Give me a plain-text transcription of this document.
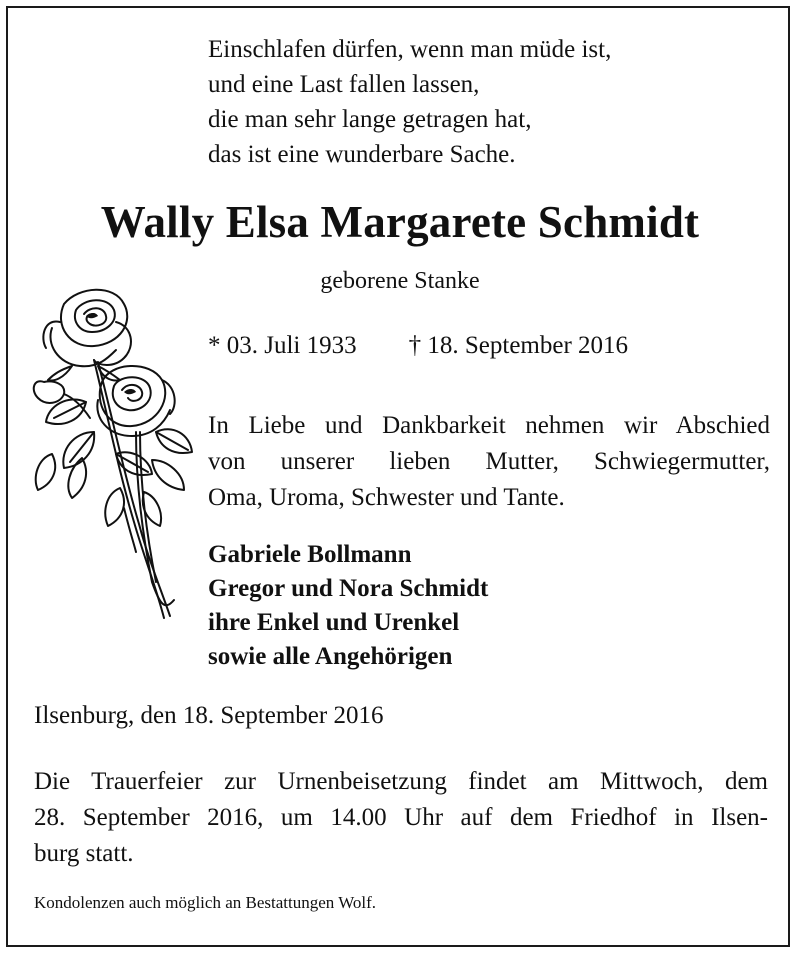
Einschlafen dürfen, wenn man müde ist,
und eine Last fallen lassen,
die man sehr lange getragen hat,
das ist eine wunderbare Sache.
Wally Elsa Margarete Schmidt
geborene Stanke
* 03. Juli 1933 † 18. September 2016
In Liebe und Dankbarkeit nehmen wir Abschied
von unserer lieben Mutter, Schwiegermutter,
Oma, Uroma, Schwester und Tante.
Gabriele Bollmann
Gregor und Nora Schmidt
ihre Enkel und Urenkel
sowie alle Angehörigen
Ilsenburg, den 18. September 2016
Die Trauerfeier zur Urnenbeisetzung findet am Mittwoch, dem
28. September 2016, um 14.00 Uhr auf dem Friedhof in Ilsen-
burg statt.
Kondolenzen auch möglich an Bestattungen Wolf.
